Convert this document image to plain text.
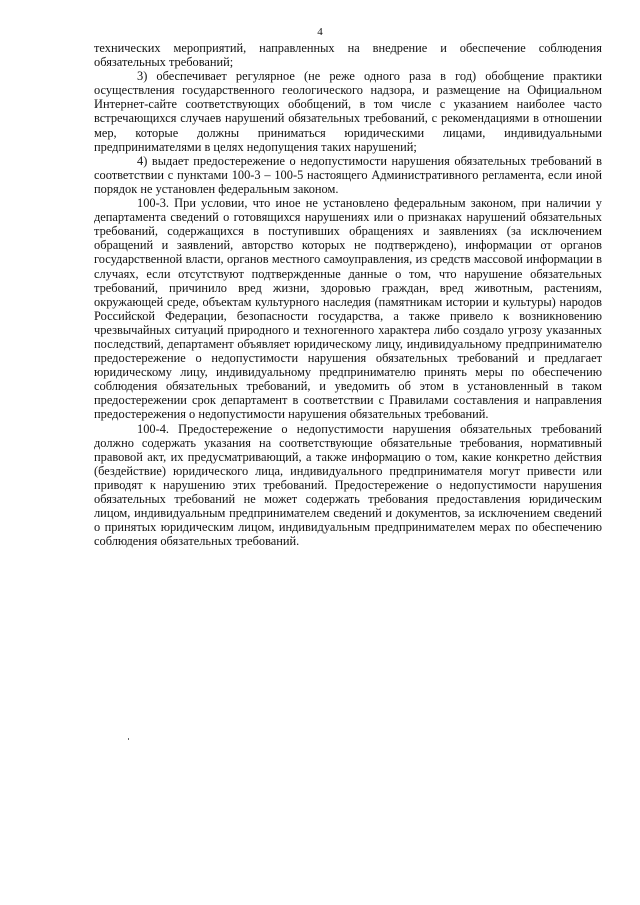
4

технических мероприятий, направленных на внедрение и обеспечение соблюдения обязательных требований;

3) обеспечивает регулярное (не реже одного раза в год) обобщение практики осуществления государственного геологического надзора, и размещение на Официальном Интернет-сайте соответствующих обобщений, в том числе с указанием наиболее часто встречающихся случаев нарушений обязательных требований, с рекомендациями в отношении мер, которые должны приниматься юридическими лицами, индивидуальными предпринимателями в целях недопущения таких нарушений;

4) выдает предостережение о недопустимости нарушения обязательных требований в соответствии с пунктами 100-3 – 100-5 настоящего Административного регламента, если иной порядок не установлен федеральным законом.

100-3. При условии, что иное не установлено федеральным законом, при наличии у департамента сведений о готовящихся нарушениях или о признаках нарушений обязательных требований, содержащихся в поступивших обращениях и заявлениях (за исключением обращений и заявлений, авторство которых не подтверждено), информации от органов государственной власти, органов местного самоуправления, из средств массовой информации в случаях, если отсутствуют подтвержденные данные о том, что нарушение обязательных требований, причинило вред жизни, здоровью граждан, вред животным, растениям, окружающей среде, объектам культурного наследия (памятникам истории и культуры) народов Российской Федерации, безопасности государства, а также привело к возникновению чрезвычайных ситуаций природного и техногенного характера либо создало угрозу указанных последствий, департамент объявляет юридическому лицу, индивидуальному предпринимателю предостережение о недопустимости нарушения обязательных требований и предлагает юридическому лицу, индивидуальному предпринимателю принять меры по обеспечению соблюдения обязательных требований, и уведомить об этом в установленный в таком предостережении срок департамент в соответствии с Правилами составления и направления предостережения о недопустимости нарушения обязательных требований.

100-4. Предостережение о недопустимости нарушения обязательных требований должно содержать указания на соответствующие обязательные требования, нормативный правовой акт, их предусматривающий, а также информацию о том, какие конкретно действия (бездействие) юридического лица, индивидуального предпринимателя могут привести или приводят к нарушению этих требований. Предостережение о недопустимости нарушения обязательных требований не может содержать требования предоставления юридическим лицом, индивидуальным предпринимателем сведений и документов, за исключением сведений о принятых юридическим лицом, индивидуальным предпринимателем мерах по обеспечению соблюдения обязательных требований.
